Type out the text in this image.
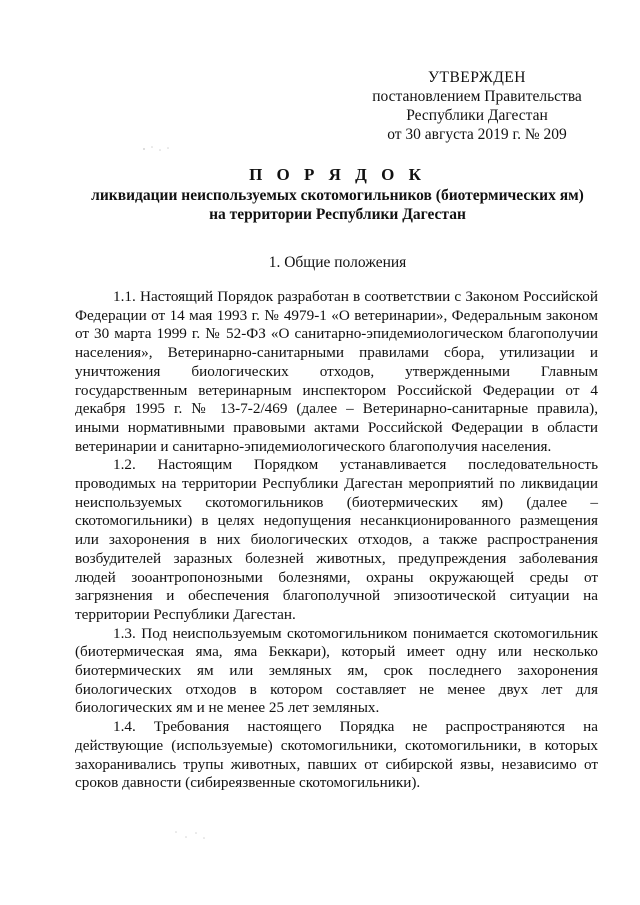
УТВЕРЖДЕН
постановлением Правительства
Республики Дагестан
от 30 августа 2019 г. № 209
П О Р Я Д О К
ликвидации неиспользуемых скотомогильников (биотермических ям)
на территории Республики Дагестан
1. Общие положения

1.1. Настоящий Порядок разработан в соответствии с Законом Российской Федерации от 14 мая 1993 г. № 4979-1 «О ветеринарии», Федеральным законом от 30 марта 1999 г. № 52-ФЗ «О санитарно-эпидемиологическом благополучии населения», Ветеринарно-санитарными правилами сбора, утилизации и уничтожения биологических отходов, утвержденными Главным государственным ветеринарным инспектором Российской Федерации от 4 декабря 1995 г. № 13-7-2/469 (далее – Ветеринарно-санитарные правила), иными нормативными правовыми актами Российской Федерации в области ветеринарии и санитарно-эпидемиологического благополучия населения.

1.2. Настоящим Порядком устанавливается последовательность проводимых на территории Республики Дагестан мероприятий по ликвидации неиспользуемых скотомогильников (биотермических ям) (далее – скотомогильники) в целях недопущения несанкционированного размещения или захоронения в них биологических отходов, а также распространения возбудителей заразных болезней животных, предупреждения заболевания людей зооантропонозными болезнями, охраны окружающей среды от загрязнения и обеспечения благополучной эпизоотической ситуации на территории Республики Дагестан.

1.3. Под неиспользуемым скотомогильником понимается скотомогильник (биотермическая яма, яма Беккари), который имеет одну или несколько биотермических ям или земляных ям, срок последнего захоронения биологических отходов в котором составляет не менее двух лет для биологических ям и не менее 25 лет земляных.

1.4. Требования настоящего Порядка не распространяются на действующие (используемые) скотомогильники, скотомогильники, в которых захоранивались трупы животных, павших от сибирской язвы, независимо от сроков давности (сибиреязвенные скотомогильники).
